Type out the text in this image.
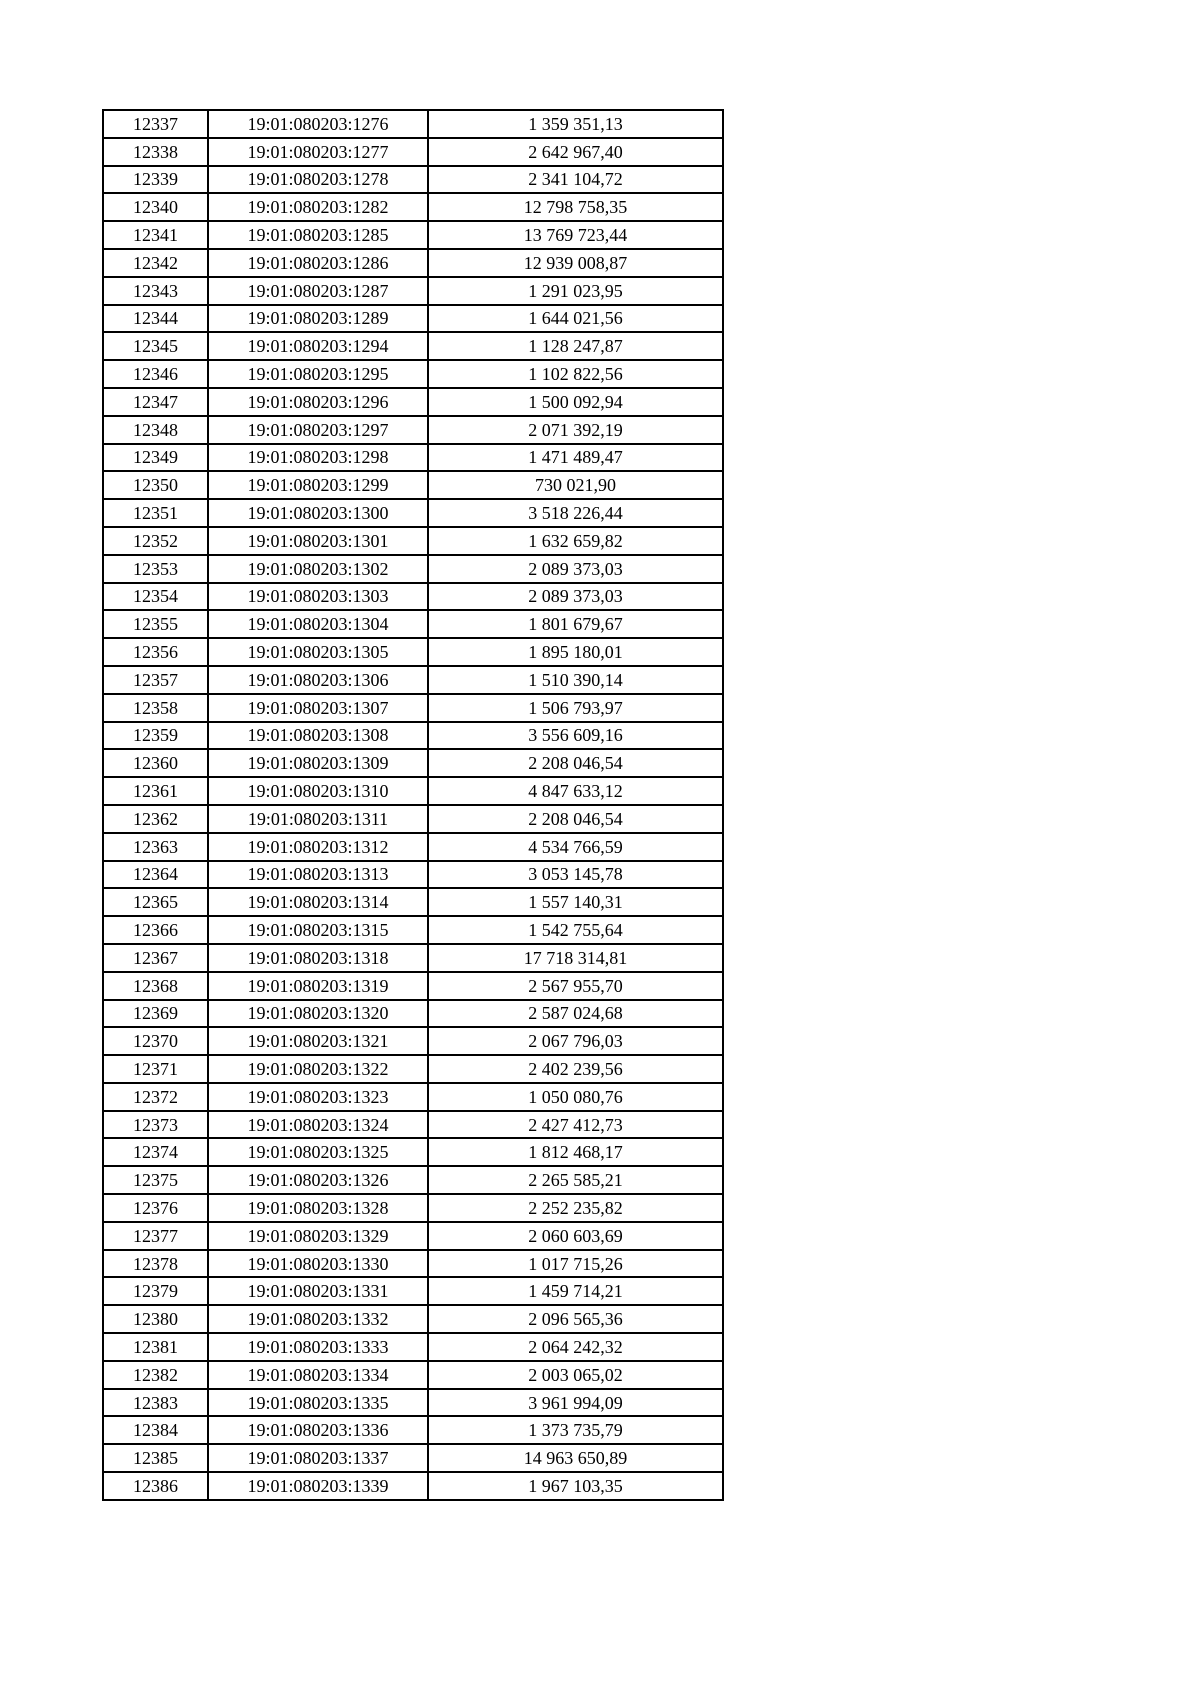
12337	19:01:080203:1276	1 359 351,13
12338	19:01:080203:1277	2 642 967,40
12339	19:01:080203:1278	2 341 104,72
12340	19:01:080203:1282	12 798 758,35
12341	19:01:080203:1285	13 769 723,44
12342	19:01:080203:1286	12 939 008,87
12343	19:01:080203:1287	1 291 023,95
12344	19:01:080203:1289	1 644 021,56
12345	19:01:080203:1294	1 128 247,87
12346	19:01:080203:1295	1 102 822,56
12347	19:01:080203:1296	1 500 092,94
12348	19:01:080203:1297	2 071 392,19
12349	19:01:080203:1298	1 471 489,47
12350	19:01:080203:1299	730 021,90
12351	19:01:080203:1300	3 518 226,44
12352	19:01:080203:1301	1 632 659,82
12353	19:01:080203:1302	2 089 373,03
12354	19:01:080203:1303	2 089 373,03
12355	19:01:080203:1304	1 801 679,67
12356	19:01:080203:1305	1 895 180,01
12357	19:01:080203:1306	1 510 390,14
12358	19:01:080203:1307	1 506 793,97
12359	19:01:080203:1308	3 556 609,16
12360	19:01:080203:1309	2 208 046,54
12361	19:01:080203:1310	4 847 633,12
12362	19:01:080203:1311	2 208 046,54
12363	19:01:080203:1312	4 534 766,59
12364	19:01:080203:1313	3 053 145,78
12365	19:01:080203:1314	1 557 140,31
12366	19:01:080203:1315	1 542 755,64
12367	19:01:080203:1318	17 718 314,81
12368	19:01:080203:1319	2 567 955,70
12369	19:01:080203:1320	2 587 024,68
12370	19:01:080203:1321	2 067 796,03
12371	19:01:080203:1322	2 402 239,56
12372	19:01:080203:1323	1 050 080,76
12373	19:01:080203:1324	2 427 412,73
12374	19:01:080203:1325	1 812 468,17
12375	19:01:080203:1326	2 265 585,21
12376	19:01:080203:1328	2 252 235,82
12377	19:01:080203:1329	2 060 603,69
12378	19:01:080203:1330	1 017 715,26
12379	19:01:080203:1331	1 459 714,21
12380	19:01:080203:1332	2 096 565,36
12381	19:01:080203:1333	2 064 242,32
12382	19:01:080203:1334	2 003 065,02
12383	19:01:080203:1335	3 961 994,09
12384	19:01:080203:1336	1 373 735,79
12385	19:01:080203:1337	14 963 650,89
12386	19:01:080203:1339	1 967 103,35
